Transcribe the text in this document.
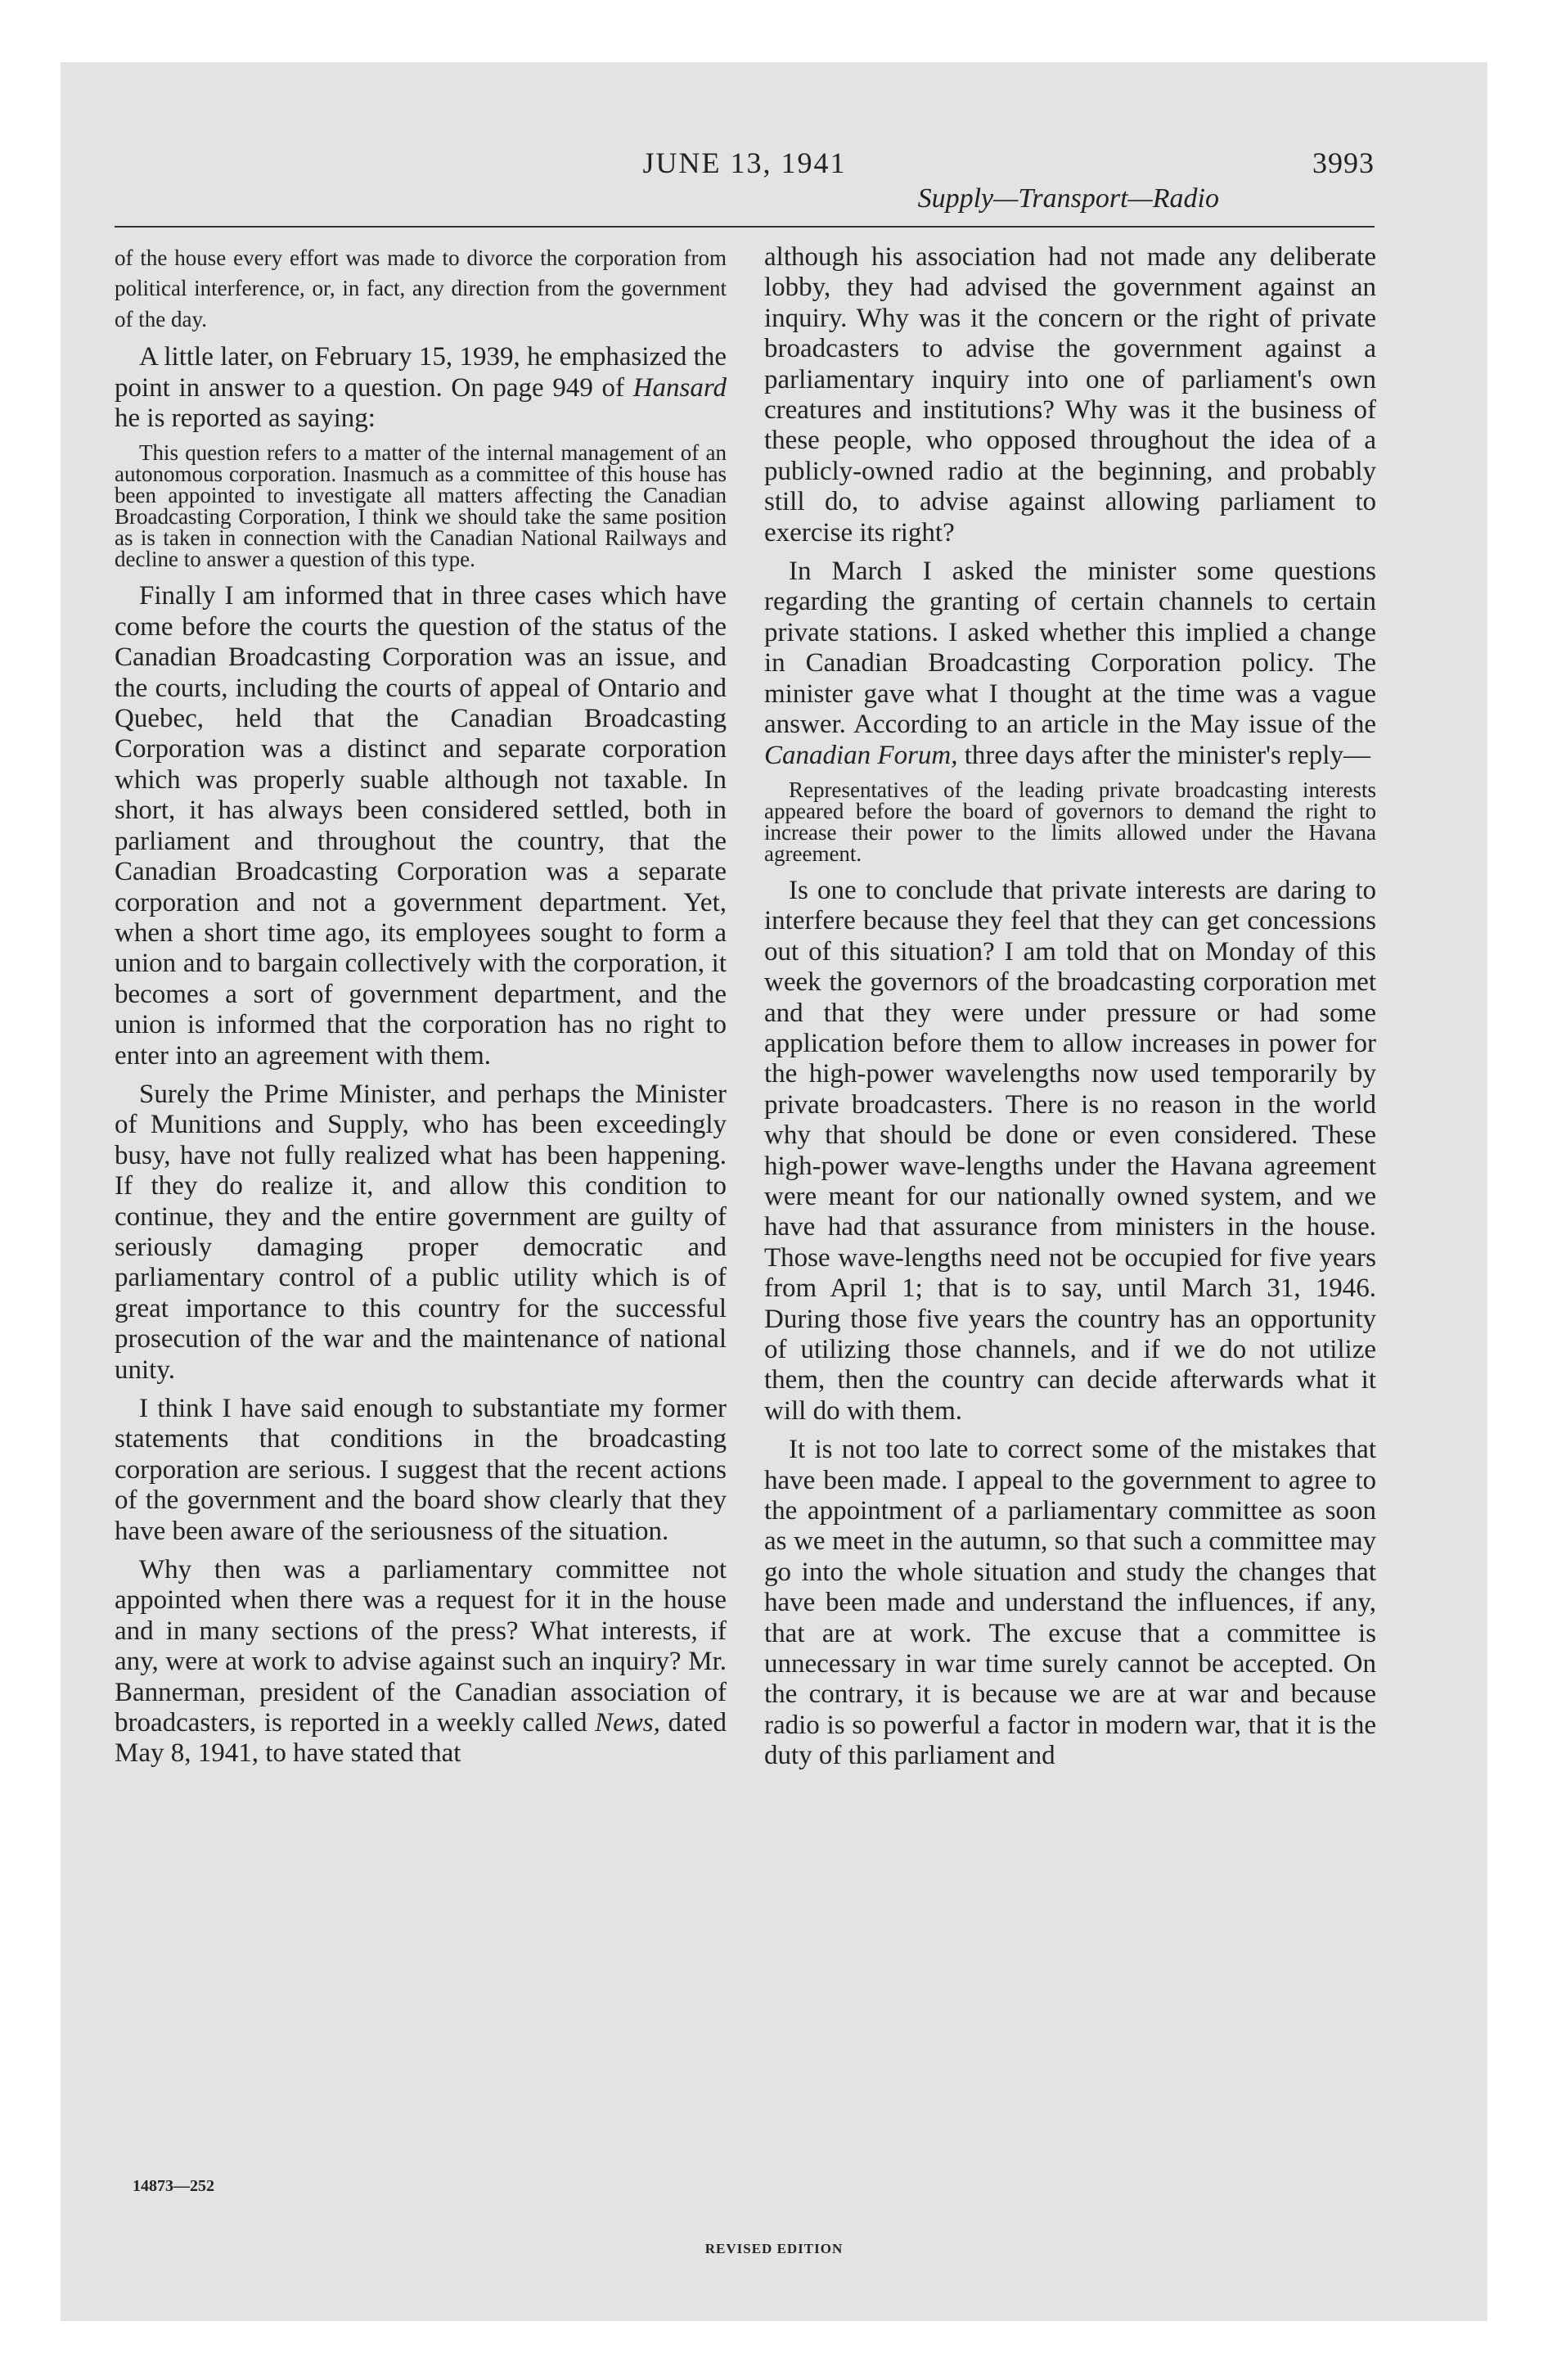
JUNE 13, 1941	3993
Supply—Transport—Radio

of the house every effort was made to divorce the corporation from political interference, or, in fact, any direction from the government of the day.

A little later, on February 15, 1939, he emphasized the point in answer to a question. On page 949 of Hansard he is reported as saying:

This question refers to a matter of the internal management of an autonomous corporation. Inasmuch as a committee of this house has been appointed to investigate all matters affecting the Canadian Broadcasting Corporation, I think we should take the same position as is taken in connection with the Canadian National Railways and decline to answer a question of this type.

Finally I am informed that in three cases which have come before the courts the question of the status of the Canadian Broadcasting Corporation was an issue, and the courts, including the courts of appeal of Ontario and Quebec, held that the Canadian Broadcasting Corporation was a distinct and separate corporation which was properly suable although not taxable. In short, it has always been considered settled, both in parliament and throughout the country, that the Canadian Broadcasting Corporation was a separate corporation and not a government department. Yet, when a short time ago, its employees sought to form a union and to bargain collectively with the corporation, it becomes a sort of government department, and the union is informed that the corporation has no right to enter into an agreement with them.

Surely the Prime Minister, and perhaps the Minister of Munitions and Supply, who has been exceedingly busy, have not fully realized what has been happening. If they do realize it, and allow this condition to continue, they and the entire government are guilty of seriously damaging proper democratic and parliamentary control of a public utility which is of great importance to this country for the successful prosecution of the war and the maintenance of national unity.

I think I have said enough to substantiate my former statements that conditions in the broadcasting corporation are serious. I suggest that the recent actions of the government and the board show clearly that they have been aware of the seriousness of the situation.

Why then was a parliamentary committee not appointed when there was a request for it in the house and in many sections of the press? What interests, if any, were at work to advise against such an inquiry? Mr. Bannerman, president of the Canadian association of broadcasters, is reported in a weekly called News, dated May 8, 1941, to have stated that

although his association had not made any deliberate lobby, they had advised the government against an inquiry. Why was it the concern or the right of private broadcasters to advise the government against a parliamentary inquiry into one of parliament's own creatures and institutions? Why was it the business of these people, who opposed throughout the idea of a publicly-owned radio at the beginning, and probably still do, to advise against allowing parliament to exercise its right?

In March I asked the minister some questions regarding the granting of certain channels to certain private stations. I asked whether this implied a change in Canadian Broadcasting Corporation policy. The minister gave what I thought at the time was a vague answer. According to an article in the May issue of the Canadian Forum, three days after the minister's reply—

Representatives of the leading private broadcasting interests appeared before the board of governors to demand the right to increase their power to the limits allowed under the Havana agreement.

Is one to conclude that private interests are daring to interfere because they feel that they can get concessions out of this situation? I am told that on Monday of this week the governors of the broadcasting corporation met and that they were under pressure or had some application before them to allow increases in power for the high-power wavelengths now used temporarily by private broadcasters. There is no reason in the world why that should be done or even considered. These high-power wave-lengths under the Havana agreement were meant for our nationally owned system, and we have had that assurance from ministers in the house. Those wave-lengths need not be occupied for five years from April 1; that is to say, until March 31, 1946. During those five years the country has an opportunity of utilizing those channels, and if we do not utilize them, then the country can decide afterwards what it will do with them.

It is not too late to correct some of the mistakes that have been made. I appeal to the government to agree to the appointment of a parliamentary committee as soon as we meet in the autumn, so that such a committee may go into the whole situation and study the changes that have been made and understand the influences, if any, that are at work. The excuse that a committee is unnecessary in war time surely cannot be accepted. On the contrary, it is because we are at war and because radio is so powerful a factor in modern war, that it is the duty of this parliament and

14873—252
REVISED EDITION
